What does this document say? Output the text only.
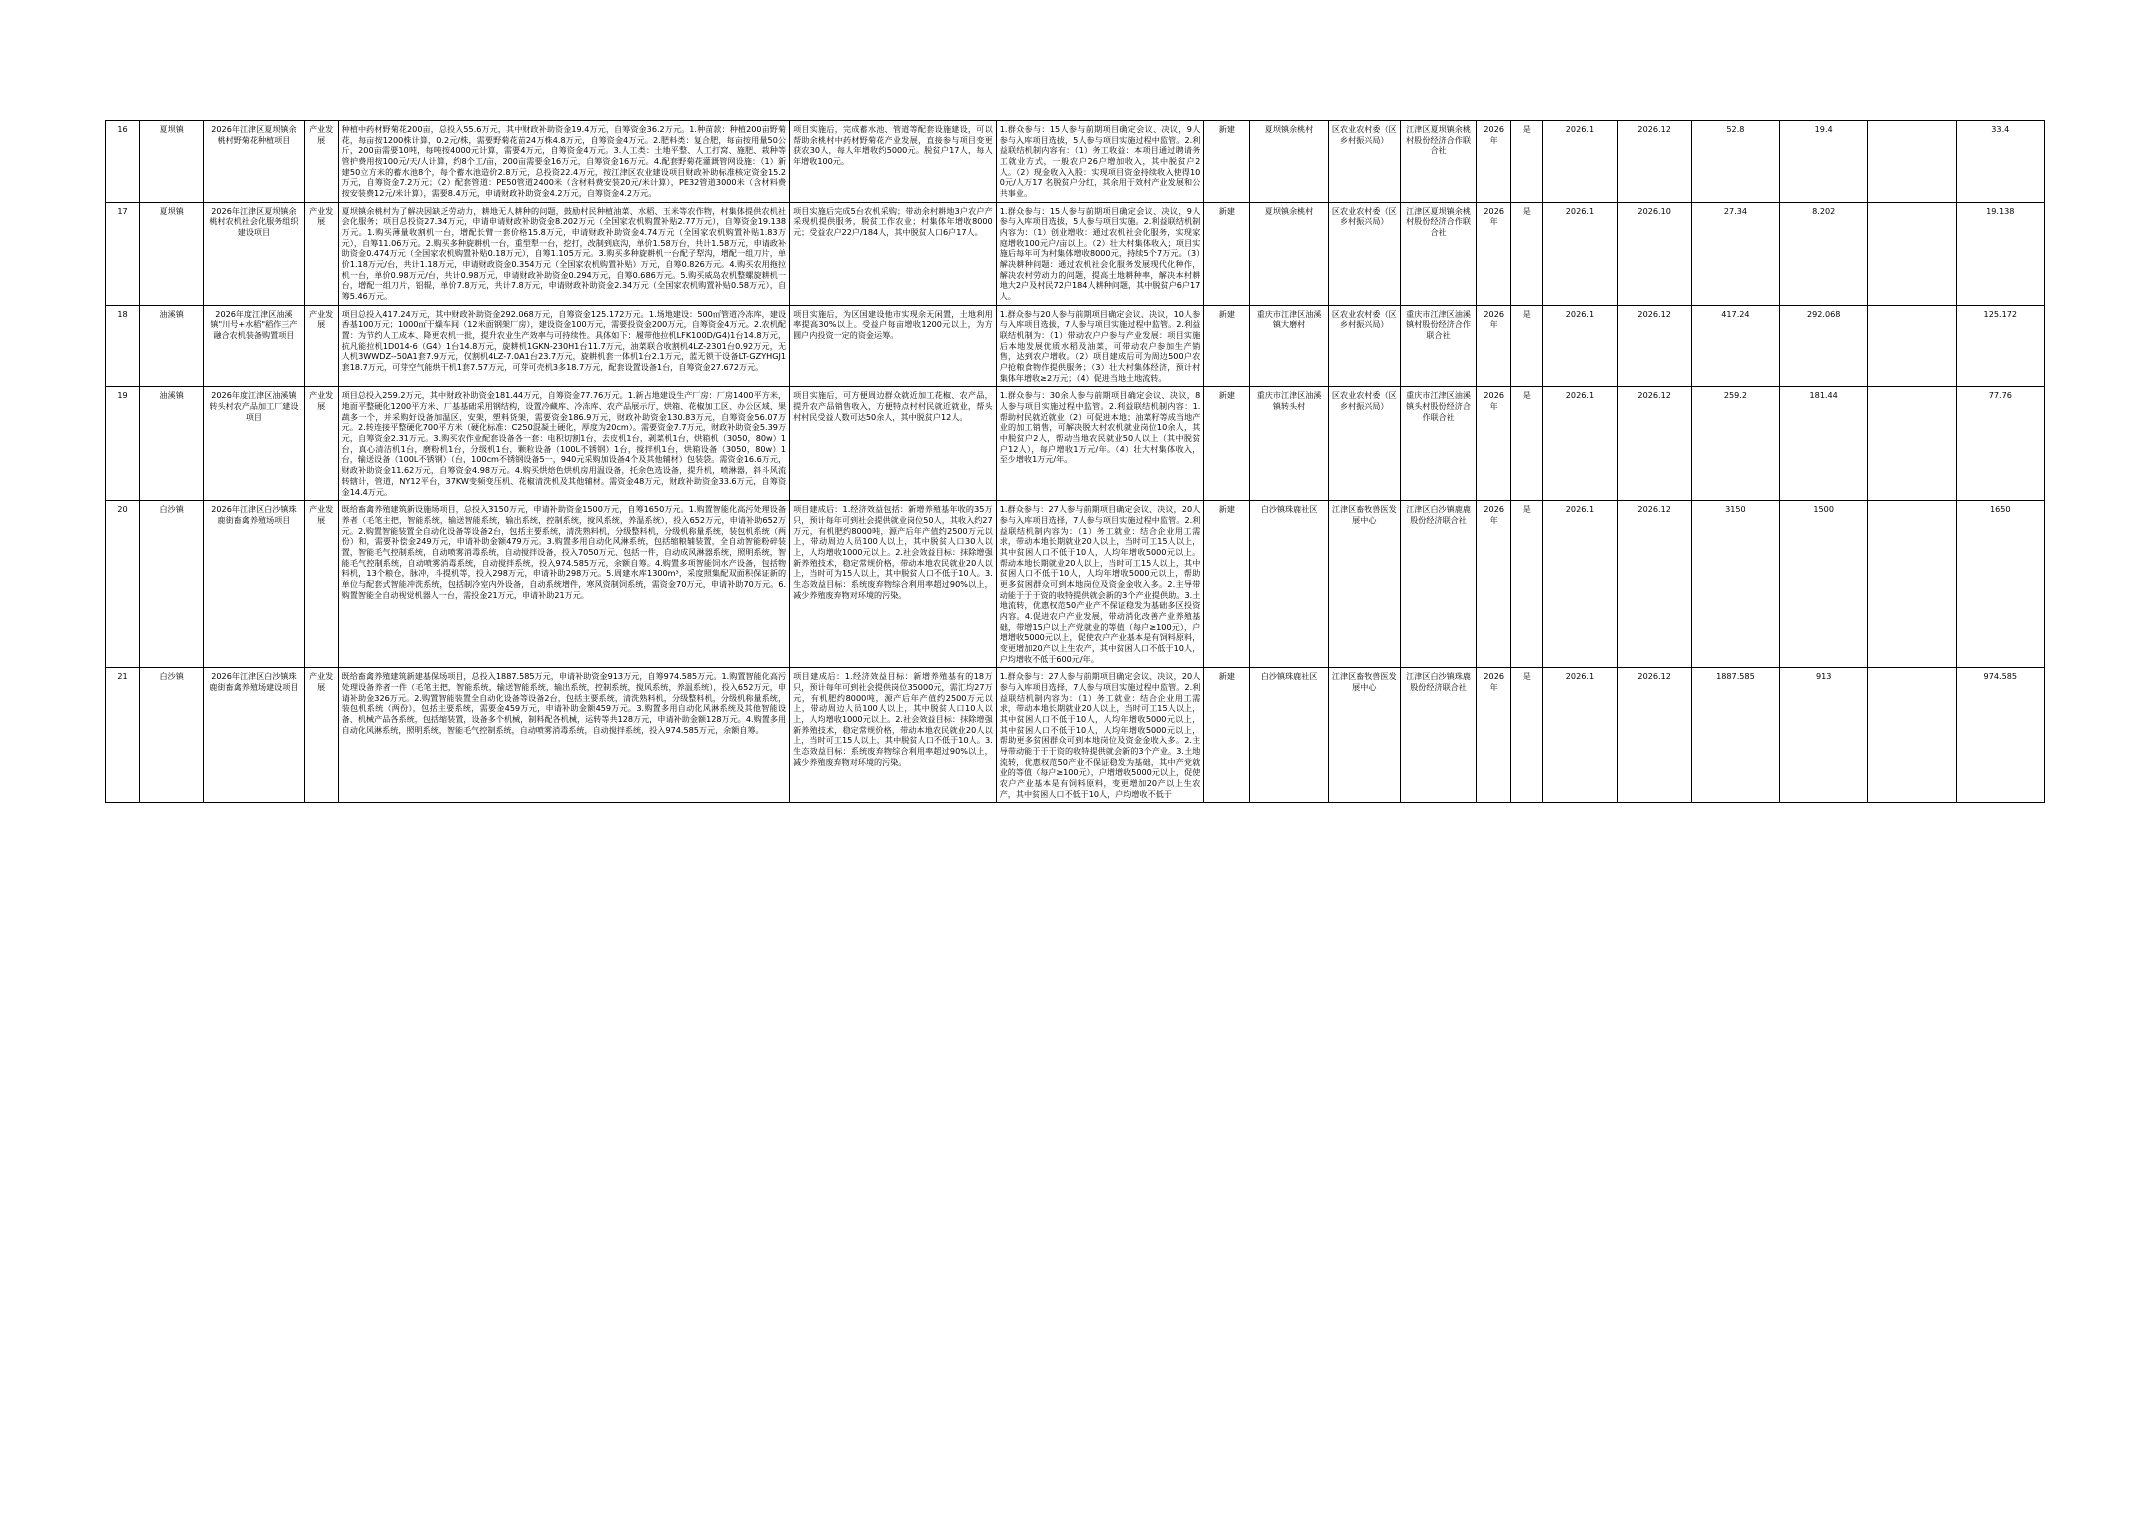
16	夏坝镇	2026年江津区夏坝镇余桃村野菊花种植项目	产业发展	种植中药材野菊花200亩，总投入55.6万元，其中财政补助资金19.4万元，自筹资金36.2万元。1.种苗款：种植200亩野菊花，每亩按1200株计算，0.2元/株，需要野菊花苗24万株4.8万元，自筹资金4万元。2.肥料类：复合肥，每亩按用量50公斤，200亩需要10吨，每吨按4000元计算，需要4万元，自筹资金4万元。3.人工类：土地平整、人工打窝、施肥、栽种等管护费用按100元/天/人计算，约8个工/亩，200亩需要金16万元，自筹资金16万元。4.配套野菊花灌溉管网设施：（1）新建50立方米的蓄水池8个，每个蓄水池造价2.8万元，总投资22.4万元，按江津区农业建设项目财政补助标准核定资金15.2万元，自筹资金7.2万元；（2）配套管道：PE50管道2400米（含材料费安装20元/米计算），PE32管道3000米（含材料费按安装费12元/米计算），需要8.4万元，申请财政补助资金4.2万元，自筹资金4.2万元。	项目实施后，完成蓄水池、管道等配套设施建设，可以帮助余桃村中药材野菊花产业发展，直接参与项目变更获农30人，每人年增收约5000元。脱贫户17人，每人年增收100元。	1.群众参与：15人参与前期项目确定会议、决议，9人参与入库项目选拔，5人参与项目实施过程中监管。2.利益联结机制内容有：（1）务工收益：本项目通过聘请务工就业方式，一般农户26户增加收入，其中脱贫户2人。（2）现金收入入股：实现项目资金持续收入使得100元/人万17 名脱贫户分红，其余用于效村产业发展和公共事业。	新建	夏坝镇余桃村	区农业农村委（区乡村振兴局）	江津区夏坝镇余桃村股份经济合作联合社	2026年	是	2026.1	2026.12	52.8	19.4		33.4
17	夏坝镇	2026年江津区夏坝镇余桃村农机社会化服务组织建设项目	产业发展	夏坝镇余桃村为了解决因缺乏劳动力，耕地无人耕种的问题，鼓励村民种植油菜、水稻、玉米等农作物，村集体提供农机社会化服务；项目总投资27.34万元，申请申请财政补助资金8.202万元（全国家农机购置补贴2.77万元），自筹资金19.138万元。1.购买薄量收割机一台，增配长臂一套价格15.8万元，申请财政补助资金4.74万元（全国家农机购置补贴1.83万元），自筹11.06万元。2.购买多种旋耕机一台，重型犁一台，挖打，改制到底沟，单价1.58万台，共计1.58万元，申请政补助资金0.474万元（全国家农机购置补贴0.18万元），自筹1.105万元。3.购买多种旋耕机一台配子犁沟，增配一组刀片，单价1.18万元/台，共计1.18万元，申请财政资金0.354万元（全国家农机购置补贴）万元，自筹0.826万元。4.购买农用拖拉机一台，单价0.98万元/台，共计0.98万元，申请财政补助资金0.294万元，自筹0.686万元。5.购买威岛农机整螺旋耕机一台，增配一组刀片，铝辊，单价7.8万元，共计7.8万元，申请财政补助资金2.34万元（全国家农机购置补贴0.58万元），自筹5.46万元。	项目实施后完成5台农机采购；带动余村耕地3户农户产采现机提供服务，脱贫工作农业；村集体年增收8000元；受益农户22户/184人，其中脱贫人口6户17人。	1.群众参与：15人参与前期项目确定会议、决议，9人参与入库项目选拔，5人参与项目实施。2.利益联结机制内容为：（1）创业增收：通过农机社会化服务，实现家庭增收100元户/亩以上。（2）壮大村集体收入；项目实施后每年可为村集体增收8000元，持续5个7万元。（3）解决耕种问题：通过农机社会化服务发展现代化种作，解决农村劳动力的问题，提高土地耕种率，解决本村耕地大2户及村民72户184人耕种问题，其中脱贫户6户17人。	新建	夏坝镇余桃村	区农业农村委（区乡村振兴局）	江津区夏坝镇余桃村股份经济合作联合社	2026年	是	2026.1	2026.10	27.34	8.202		19.138
18	油溪镇	2026年度江津区油溪镇"川号+水稻"稻作三产融合农机装备购置项目	产业发展	项目总投入417.24万元，其中财政补助资金292.068万元，自筹资金125.172万元。1.场地建设：500㎡管道冷冻库，建设香基100万元；1000㎡干燥车间（12米面钢架厂房），建设资金100万元，需要投资金200万元，自筹资金4万元。2.农机配置：为节约人工成本、降更农机一批，提升农业生产效率与可持续性。具体如下：履带他拉机LFK100D/G4)1台14.8万元，抗凡能拉机1D014-6（G4）1台14.8万元，旋耕机1GKN-230H1台11.7万元，油菜联合收割机4LZ-2301台0.92万元，无人机3WWDZ--50A1套7.9万元，仅割机4LZ-7.0A1台23.7万元，旋耕机套一体机1台2.1万元，蓝无锁干设备LT-GZYHGJ1套18.7万元，可芽空气能烘干机1套7.57万元，可芽可壳机3多18.7万元，配套设置设备1台，自筹资金27.672万元。	项目实施后，为区国建设他市实现余无闲置，土地利用率提高30%以上。受益户每亩增收1200元以上，为方圆户内投资一定的资金运筹。	1.群众参与20人参与前期项目确定会议、决议，10人参与入库项目选拔，7人参与项目实施过程中监管。2.利益联结机制为：（1）带动农户户参与产业发展：项目实施后本地发展优质水稻及油菜，可带动农户参加生产销售，达到农户增收。（2）项目建成后可为周边500户农户抢粮食物作提供服务；（3）壮大村集体经济，预计村集体年增收≥2万元；（4）促进当地土地流转。	新建	重庆市江津区油溪镇大磨村	区农业农村委（区乡村振兴局）	重庆市江津区油溪镇村股份经济合作联合社	2026年	是	2026.1	2026.12	417.24	292.068		125.172
19	油溪镇	2026年度江津区油溪镇转头村农产品加工厂建设项目	产业发展	项目总投入259.2万元，其中财政补助资金181.44万元，自筹资金77.76万元。1.新占地建设生产厂房：厂房1400平方米，地面平整硬化1200平方米、厂基基础采用钢结构，设置冷藏库、冷冻库、农产品展示厅，烘箱、花椒加工区、办公区域、果蔬多一个，并采购好设备加温区，安架，塑料货架，需要资金186.9万元，财政补助资金130.83万元，自筹资金56.07万元。2.转连接平整硬化700平方米（硬化标准：C250混凝土硬化，厚度为20cm）。需要资金7.7万元，财政补助资金5.39万元，自筹资金2.31万元。3.购买农作业配套设备各一套：电积切割1台，去皮机1台，剥菜机1台，烘箱机（3050，80w）1台，真心清洁机1台，磨粉机1台，分级机1台，颗粒设备（100L不锈钢）1台，搅拌机1台，烘箱设备（3050，80w）1台，输送设备（100L不锈钢）（台，100cm不锈钢设备5一，940元采购加设备4个及其他辅材）包装袋。需资金16.6万元，财政补助资金11.62万元，自筹资金4.98万元。4.购买烘焙色烘机房用温设备，托余色选设备，提升机，喷淋器，斜斗风流转辖计，管道，NY12平台，37KW变频变压机、花椒清洗机及其他辅材。需资金48万元，财政补助资金33.6万元，自筹资金14.4万元。	项目实施后，可方便周边群众就近加工花椒、农产品，提升农产品销售收入，方便特点村村民就近就业，帮头村村民受益人数可达50余人，其中脱贫户12人。	1.群众参与：30余人参与前期项目确定会议、决议，8人参与项目实施过程中监管。2.利益联结机制内容：1.帮助村民就近就业（2）可促进本地；油菜籽等成当地产业的加工销售，可解决脱大村农机就业岗位10余人，其中脱贫户2人，帮动当地农民就业50人以上（其中脱贫户12人），每户增收1万元/年。（4）壮大村集体收入，至少增收1万元/年。	新建	重庆市江津区油溪镇转头村	区农业农村委（区乡村振兴局）	重庆市江津区油溪镇头村股份经济合作联合社	2026年	是	2026.1	2026.12	259.2	181.44		77.76
20	白沙镇	2026年江津区白沙镇珠鹿街畜禽养殖场项目	产业发展	既给畜禽养殖建筑新设施场项目，总投入3150万元，申请补助资金1500万元，自筹1650万元。1.购置智能化高污处理设备养者（毛笔主把，智能系统，输送智能系统，输出系统，控制系统，搅风系统，养温系统），投入652万元，申请补助652万元。2.购置智能装置全自动化设备等设备2台，包括主要系统，清洗熟料机，分级整料机，分级机称量系统，装包机系统（两份）和，需要补偿金249万元，申请补助金额479万元。3.购置多用自动化风淋系统，包括缩粮辅装置，全自动智能粉碎装置，智能毛气控制系统，自动喷雾消毒系统，自动搅拌设备，投入7050万元、包括一件，自动成风淋器系统，照明系统，智能毛气控制系统，自动喷雾消毒系统，自动搅拌系统，投入974.585万元，余额自筹。4.购置多项智能饲水产设备，包括物料机，13个粮仓，脉冲，斗提机等，投入298万元，申请补助298万元。5.周建水库1300m³，采度照集配双面积保证新的单位与配套式智能冲洗系统，包括制冷室内外设备，自动系统增件，寒风资制饲系统，需资金70万元，申请补助70万元。6.购置智能全自动视觉机器人一台，需投金21万元，申请补助21万元。	项目建成后：1.经济效益包括：新增养殖基年收的35万只，预计每年可到社会提供就业岗位50人，其收入约27万元，有机肥约8000吨，源产后年产值约2500万元以上，带动周边人员100人以上，其中脱贫人口30人以上，人均增收1000元以上。2.社会效益目标：抹除增强新养殖技术，稳定常规价格，带动本地农民就业20人以上，当时可为15人以上，其中脱贫人口不低于10人。3.生态效益目标：系统废弃物综合利用率超过90%以上，减少养殖废弃物对环境的污染。	1.群众参与：27人参与前期项目确定会议、决议，20人参与入库项目选择，7人参与项目实施过程中监管。2.利益联结机制内容为：（1）务工就业：结合企业用工需求，带动本地长期就业20人以上，当时可工15人以上，其中贫困人口不低于10人，人均年增收5000元以上。帮动本地长期就业20人以上，当时可工15人以上，其中贫困人口不低于10人，人均年增收5000元以上，帮助更多贫困群众可到本地岗位及资金金收入多。2.主导带动能于于于资的收特提供就会新的3个产业提供助。3.土地流转，优惠权范50产业产不保证稳发为基础多区投资内容。4.促进农户产业发展，带动消化改善产业养殖基础，带增15户以上产党就业的等值（每户≥100元），户增增收5000元以上，促使农户产业基本是有饲料原料，变更增加20产以上生农产，其中贫困人口不低于10人，户均增收不低于600元/年。	新建	白沙镇珠鹿社区	江津区畜牧兽医发展中心	江津区白沙镇鹿鹿股份经济联合社	2026年	是	2026.1	2026.12	3150	1500		1650
21	白沙镇	2026年江津区白沙镇珠鹿街畜禽养殖场建设项目	产业发展	既给畜禽养殖建筑新建基保场项目，总投入1887.585万元，申请补助资金913万元，自筹974.585万元。1.购置智能化高污处理设备养者一件（毛笔主把，智能系统，输送智能系统，输出系统，控制系统，搅风系统，养温系统），投入652万元，申请补助金326万元。2.购置智能装置全自动化设备等设备2台，包括主要系统，清洗熟料机，分级整料机，分级机称量系统，装包机系统（两份），包括主要系统，需要金459万元，申请补助金额459万元。3.购置多用自动化风淋系统及其他智能设备、机械产品各系统，包括缩装置，设备多个机械，制料配各机械，运转等共128万元，申请补助金额128万元。4.购置多用自动化风淋系统，照明系统，智能毛气控制系统，自动喷雾消毒系统，自动搅拌系统，投入974.585万元，余额自筹。	项目建成后：1.经济效益目标：新增养殖基有的18万只，预计每年可到社会提供岗位35000元，需汇均27万元，有机肥约8000吨，源产后年产值约2500万元以上，带动周边人员100人以上，其中脱贫人口10人以上，人均增收1000元以上。2.社会效益目标：抹除增强新养殖技术，稳定常规价格，带动本地农民就业20人以上，当时可工15人以上，其中脱贫人口不低于10人。3.生态效益目标：系统废弃物综合利用率超过90%以上，减少养殖废弃物对环境的污染。	1.群众参与：27人参与前期项目确定会议、决议，20人参与入库项目选择，7人参与项目实施过程中监管。2.利益联结机制内容为：（1）务工就业：结合企业用工需求，带动本地长期就业20人以上，当时可工15人以上，其中贫困人口不低于10人，人均年增收5000元以上，其中贫困人口不低于10人，人均年增收5000元以上，帮助更多贫困群众可到本地岗位及资金金收入多。2.主导带动能于于于资的收特提供就会新的3个产业。3.土地流转，优惠权范50产业不保证稳发为基础，其中产党就业的等值（每户≥100元），户增增收5000元以上，促使农户产业基本是有饲料原料，变更增加20产以上生农产，其中贫困人口不低于10人，户均增收不低于	新建	白沙镇珠鹿社区	江津区畜牧兽医发展中心	江津区白沙镇珠鹿股份经济联合社	2026年	是	2026.1	2026.12	1887.585	913		974.585
